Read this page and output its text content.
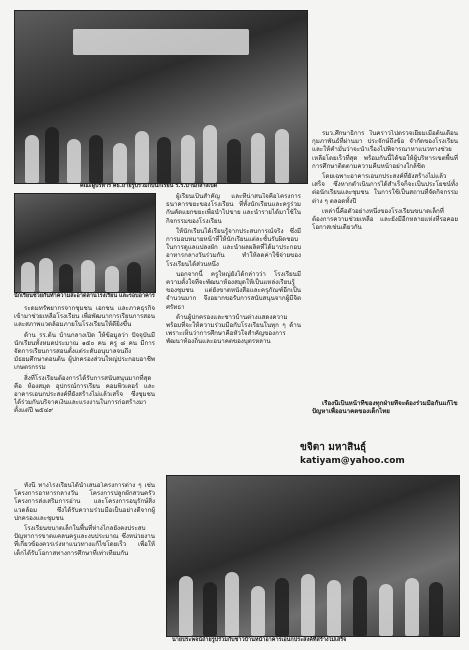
คณะผู้บริหาร ศธ.ถ่ายรูปร่วมกับนักเรียน ร.ร.บ้านกลางเปิด
นักเรียนช่วยกันทำความสะอาดลานโรงเรียน และรอบอาคาร

ระดมทรัพยากรจากชุมชน เอกชน และภาคธุรกิจ เข้ามาช่วยเหลือโรงเรียน เพื่อพัฒนาการเรียนการสอนและสภาพแวดล้อมภายในโรงเรียนให้ดียิ่งขึ้น

ด้าน รร.ต้น บ้านกลางเปิด ให้ข้อมูลว่า ปัจจุบันมีนักเรียนทั้งหมดประมาณ ๑๕๐ คน ครู ๘ คน มีการจัดการเรียนการสอนตั้งแต่ระดับอนุบาลจนถึงมัธยมศึกษาตอนต้น ผู้ปกครองส่วนใหญ่ประกอบอาชีพเกษตรกรรม

สิ่งที่โรงเรียนต้องการได้รับการสนับสนุนมากที่สุดคือ ห้องสมุด อุปกรณ์การเรียน คอมพิวเตอร์ และอาคารเอนกประสงค์ที่ยังสร้างไม่แล้วเสร็จ ซึ่งชุมชนได้ร่วมกันบริจาคเงินและแรงงานในการก่อสร้างมาตั้งแต่ปี ๒๕๔๙

ทั้งนี้ ทางโรงเรียนได้นำเสนอโครงการต่าง ๆ เช่น โครงการอาหารกลางวัน โครงการปลูกผักสวนครัว โครงการส่งเสริมการอ่าน และโครงการอนุรักษ์สิ่งแวดล้อม ซึ่งได้รับความร่วมมือเป็นอย่างดีจากผู้ปกครองและชุมชน

โรงเรียนขนาดเล็กในพื้นที่ห่างไกลยังคงประสบปัญหาการขาดแคลนครูและงบประมาณ ซึ่งหน่วยงานที่เกี่ยวข้องควรเร่งหาแนวทางแก้ไขโดยเร็ว เพื่อให้เด็กได้รับโอกาสทางการศึกษาที่เท่าเทียมกัน

ผู้เรียนเป็นสำคัญ และที่น่าสนใจคือโครงการธนาคารขยะของโรงเรียน ที่ทั้งนักเรียนและครูร่วมกันคัดแยกขยะเพื่อนำไปขาย และนำรายได้มาใช้ในกิจกรรมของโรงเรียน

ให้นักเรียนได้เรียนรู้จากประสบการณ์จริง ซึ่งมีการมอบหมายหน้าที่ให้นักเรียนแต่ละชั้นรับผิดชอบในการดูแลแปลงผัก และนำผลผลิตที่ได้มาประกอบอาหารกลางวันร่วมกัน ทำให้ลดค่าใช้จ่ายของโรงเรียนได้ส่วนหนึ่ง

นอกจากนี้ ครูใหญ่ยังได้กล่าวว่า โรงเรียนมีความตั้งใจที่จะพัฒนาห้องสมุดให้เป็นแหล่งเรียนรู้ของชุมชน แต่ยังขาดหนังสือและครุภัณฑ์อีกเป็นจำนวนมาก จึงอยากขอรับการสนับสนุนจากผู้มีจิตศรัทธา

ด้านผู้ปกครองและชาวบ้านต่างแสดงความพร้อมที่จะให้ความร่วมมือกับโรงเรียนในทุก ๆ ด้าน เพราะเห็นว่าการศึกษาคือหัวใจสำคัญของการพัฒนาท้องถิ่นและอนาคตของบุตรหลาน

รมว.ศึกษาธิการ ในคราวไปตรวจเยี่ยมเมื่อต้นเดือนกุมภาพันธ์ที่ผ่านมา ประจักษ์ถึงข้อ จำกัดของโรงเรียนและให้คำมั่นว่าจะนำเรื่องไปพิจารณาหาแนวทางช่วยเหลือโดยเร็วที่สุด พร้อมกันนี้ได้ขอให้ผู้บริหารเขตพื้นที่การศึกษาติดตามความคืบหน้าอย่างใกล้ชิด

โดยเฉพาะอาคารเอนกประสงค์ที่ยังสร้างไม่แล้วเสร็จ ซึ่งหากดำเนินการได้สำเร็จก็จะเป็นประโยชน์ทั้งต่อนักเรียนและชุมชน ในการใช้เป็นสถานที่จัดกิจกรรมต่าง ๆ ตลอดทั้งปี

เหล่านี้คือตัวอย่างหนึ่งของโรงเรียนขนาดเล็กที่ต้องการความช่วยเหลือ และยังมีอีกหลายแห่งที่รอคอยโอกาสเช่นเดียวกัน

เรื่องนี้เป็นหน้าที่ของทุกฝ่ายที่จะต้องร่วมมือกันแก้ไขปัญหาเพื่ออนาคตของเด็กไทย

ขจิตา มหาสินธุ์
katiyam@yahoo.com
นายประพจน์ถ่ายรูปร่วมกับชาวบ้านหน้าอาคารเอนกประสงค์ที่สร้างไม่เสร็จ
